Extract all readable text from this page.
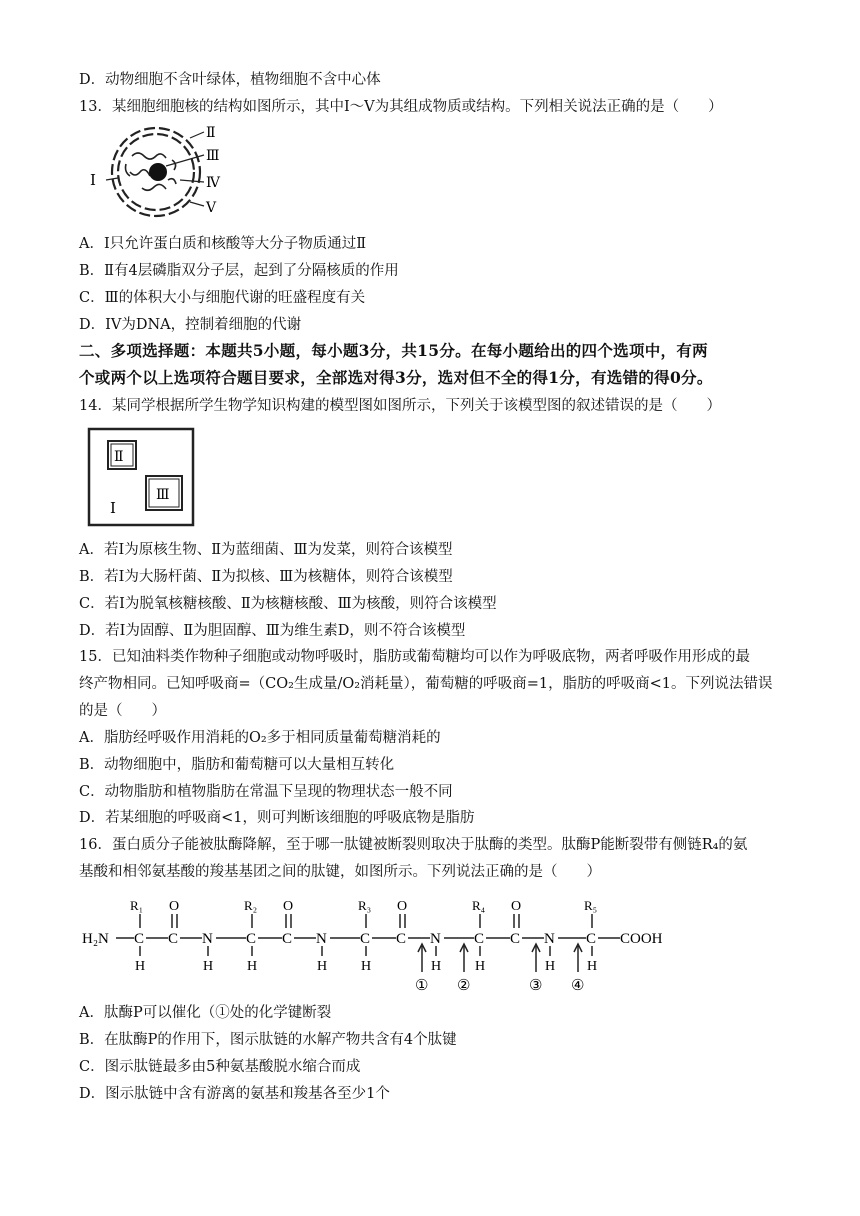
D．动物细胞不含叶绿体，植物细胞不含中心体
13．某细胞细胞核的结构如图所示，其中Ⅰ～Ⅴ为其组成物质或结构。下列相关说法正确的是（　　）
Ⅰ
Ⅱ
Ⅲ
Ⅳ
Ⅴ
A．Ⅰ只允许蛋白质和核酸等大分子物质通过Ⅱ
B．Ⅱ有4层磷脂双分子层，起到了分隔核质的作用
C．Ⅲ的体积大小与细胞代谢的旺盛程度有关
D．ⅠV为DNA，控制着细胞的代谢
二、多项选择题：本题共5小题，每小题3分，共15分。在每小题给出的四个选项中，有两
个或两个以上选项符合题目要求，全部选对得3分，选对但不全的得1分，有选错的得0分。
14．某同学根据所学生物学知识构建的模型图如图所示，下列关于该模型图的叙述错误的是（　　）
Ⅱ
Ⅲ
Ⅰ
A．若Ⅰ为原核生物、Ⅱ为蓝细菌、Ⅲ为发菜，则符合该模型
B．若Ⅰ为大肠杆菌、Ⅱ为拟核、Ⅲ为核糖体，则符合该模型
C．若Ⅰ为脱氧核糖核酸、Ⅱ为核糖核酸、Ⅲ为核酸，则符合该模型
D．若Ⅰ为固醇、Ⅱ为胆固醇、Ⅲ为维生素D，则不符合该模型
15．已知油料类作物种子细胞或动物呼吸时，脂肪或葡萄糖均可以作为呼吸底物，两者呼吸作用形成的最
终产物相同。已知呼吸商=（CO₂生成量/O₂消耗量），葡萄糖的呼吸商=1，脂肪的呼吸商<1。下列说法错误
的是（　　）
A．脂肪经呼吸作用消耗的O₂多于相同质量葡萄糖消耗的
B．动物细胞中，脂肪和葡萄糖可以大量相互转化
C．动物脂肪和植物脂肪在常温下呈现的物理状态一般不同
D．若某细胞的呼吸商<1，则可判断该细胞的呼吸底物是脂肪
16．蛋白质分子能被肽酶降解，至于哪一肽键被断裂则取决于肽酶的类型。肽酶P能断裂带有侧链R₄的氨
基酸和相邻氨基酸的羧基基团之间的肽键，如图所示。下列说法正确的是（　　）
H₂N C C N C C N C C N C C N C COOH
R₁	R₂	R₃	R₄	R₅
O	O	O	O
H	H H	H H	H H	H H
① ②	③ ④
A．肽酶P可以催化（①处的化学键断裂
B．在肽酶P的作用下，图示肽链的水解产物共含有4个肽键
C．图示肽链最多由5种氨基酸脱水缩合而成
D．图示肽链中含有游离的氨基和羧基各至少1个
